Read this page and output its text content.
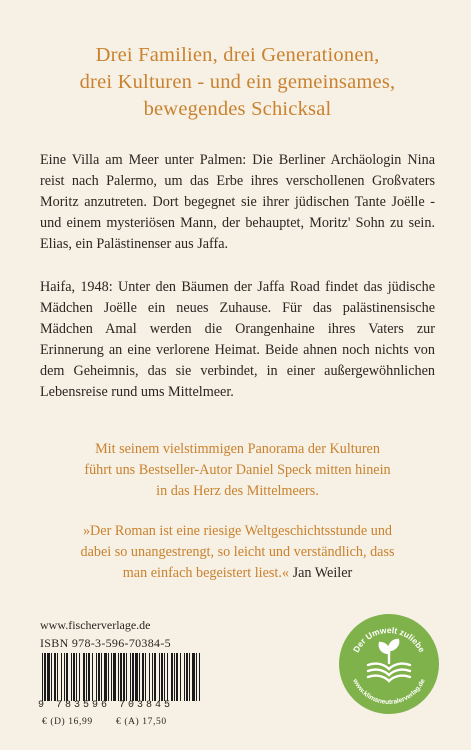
Drei Familien, drei Generationen,
drei Kulturen - und ein gemeinsames,
bewegendes Schicksal
Eine Villa am Meer unter Palmen: Die Berliner Archäologin Nina reist nach Palermo, um das Erbe ihres verschollenen Großvaters Moritz anzutreten. Dort begegnet sie ihrer jüdischen Tante Joëlle - und einem mysteriösen Mann, der behauptet, Moritz' Sohn zu sein. Elias, ein Palästinenser aus Jaffa.
Haifa, 1948: Unter den Bäumen der Jaffa Road findet das jüdische Mädchen Joëlle ein neues Zuhause. Für das palästinensische Mädchen Amal werden die Orangenhaine ihres Vaters zur Erinnerung an eine verlorene Heimat. Beide ahnen noch nichts von dem Geheimnis, das sie verbindet, in einer außergewöhnlichen Lebensreise rund ums Mittelmeer.
Mit seinem vielstimmigen Panorama der Kulturen
führt uns Bestseller-Autor Daniel Speck mitten hinein
in das Herz des Mittelmeers.
»Der Roman ist eine riesige Weltgeschichtsstunde und
dabei so unangestrengt, so leicht und verständlich, dass
man einfach begeistert liest.« Jan Weiler
www.fischerverlage.de
ISBN 978-3-596-70384-5
9 783596 703845
€ (D) 16,99 € (A) 17,50
Der Umwelt zuliebe
www.klimaneutralerverlag.de
